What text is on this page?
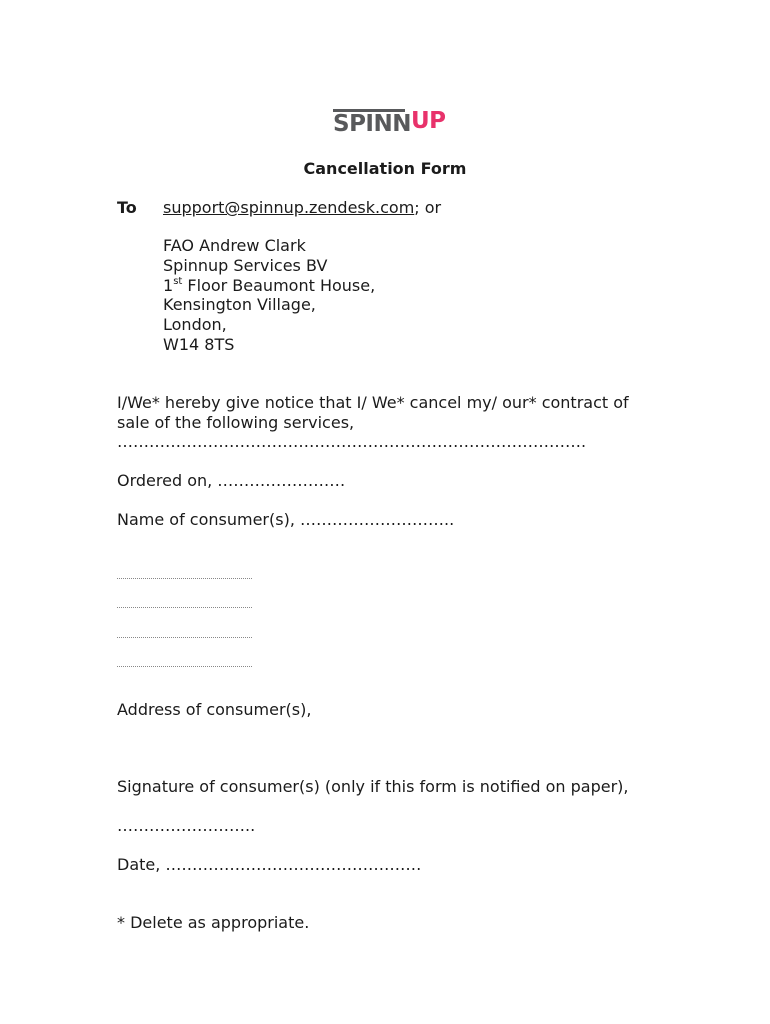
SPINN UP
Cancellation Form
To support@spinnup.zendesk.com; or
FAO Andrew Clark
Spinnup Services BV
1st Floor Beaumont House,
Kensington Village,
London,
W14 8TS
I/We* hereby give notice that I/ We* cancel my/ our* contract of
sale of the following services,
…………………………………………………………………………….
Ordered on, ……………………
Name of consumer(s), ………………………..
Address of consumer(s),
Signature of consumer(s) (only if this form is notified on paper),
……………………..
Date, …………………………………………
* Delete as appropriate.
